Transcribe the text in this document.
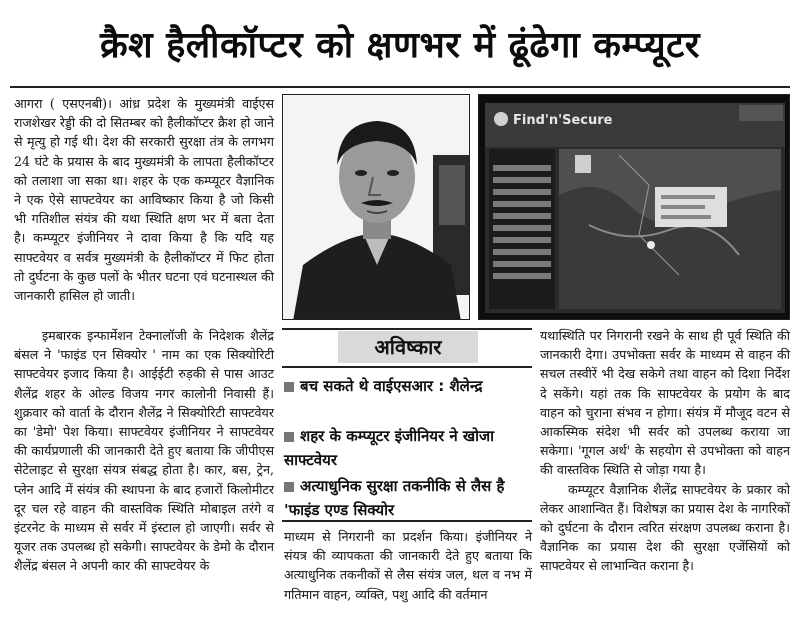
क्रैश हैलीकॉप्टर को क्षणभर में ढूंढेगा कम्प्यूटर

आगरा ( एसएनबी)। आंध्र प्रदेश के मुख्यमंत्री वाईएस राजशेखर रेड्डी की दो सितम्बर को हैलीकॉप्टर क्रैश हो जाने से मृत्यु हो गई थी। देश की सरकारी सुरक्षा तंत्र के लगभग 24 घंटे के प्रयास के बाद मुख्यमंत्री के लापता हैलीकॉप्टर को तलाशा जा सका था। शहर के एक कम्प्यूटर वैज्ञानिक ने एक ऐसे साफ्टवेयर का आविष्कार किया है जो किसी भी गतिशील संयंत्र की यथा स्थिति क्षण भर में बता देता है। कम्प्यूटर इंजीनियर ने दावा किया है कि यदि यह साफ्टवेयर व सर्वत्र मुख्यमंत्री के हैलीकॉप्टर में फिट होता तो दुर्घटना के कुछ पलों के भीतर घटना एवं घटनास्थल की जानकारी हासिल हो जाती।

इमबारक इन्फार्मेशन टेक्नालॉजी के निदेशक शैलेंद्र बंसल ने 'फाइंड एन सिक्योर ' नाम का एक सिक्योरिटी साफ्टवेयर इजाद किया है। आईईटी रुड़की से पास आउट शैलेंद्र शहर के ओल्ड विजय नगर कालोनी निवासी हैं। शुक्रवार को वार्ता के दौरान शैलेंद्र ने सिक्योरिटी साफ्टवेयर का 'डेमो' पेश किया। साफ्टवेयर इंजीनियर ने साफ्टवेयर की कार्यप्रणाली की जानकारी देते हुए बताया कि जीपीएस सेटेलाइट से सुरक्षा संयत्र संबद्ध होता है। कार, बस, ट्रेन, प्लेन आदि में संयंत्र की स्थापना के बाद हजारों किलोमीटर दूर चल रहे वाहन की वास्तविक स्थिति मोबाइल तरंगे व इंटरनेट के माध्यम से सर्वर में इंस्टाल हो जाएगी। सर्वर से यूजर तक उपलब्ध हो सकेगी। साफ्टवेयर के डेमो के दौरान शैलेंद्र बंसल ने अपनी कार की साफ्टवेयर के

Find'n'Secure
अविष्कार
बच सकते थे वाईएसआर : शैलेन्द्र
शहर के कम्प्यूटर इंजीनियर ने खोजा साफ्टवेयर
अत्याधुनिक सुरक्षा तकनीकि से लैस है 'फाइंड एण्ड सिक्योर

माध्यम से निगरानी का प्रदर्शन किया। इंजीनियर ने संयत्र की व्यापकता की जानकारी देते हुए बताया कि अत्याधुनिक तकनीकों से लैस संयंत्र जल, थल व नभ में गतिमान वाहन, व्यक्ति, पशु आदि की वर्तमान

यथास्थिति पर निगरानी रखने के साथ ही पूर्व स्थिति की जानकारी देगा। उपभोक्ता सर्वर के माध्यम से वाहन की सचल तस्वीरें भी देख सकेगे तथा वाहन को दिशा निर्देश दे सकेंगे। यहां तक कि साफ्टवेयर के प्रयोग के बाद वाहन को चुराना संभव न होगा। संयंत्र में मौजूद वटन से आकस्मिक संदेश भी सर्वर को उपलब्ध कराया जा सकेगा। 'गूगल अर्थ' के सहयोग से उपभोक्ता को वाहन की वास्तविक स्थिति से जोड़ा गया है।

कम्प्यूटर वैज्ञानिक शैलेंद्र साफ्टवेयर के प्रकार को लेकर आशान्वित हैं। विशेषज्ञ का प्रयास देश के नागरिकों को दुर्घटना के दौरान त्वरित संरक्षण उपलब्ध कराना है। वैज्ञानिक का प्रयास देश की सुरक्षा एजेंसियों को साफ्टवेयर से लाभान्वित कराना है।
